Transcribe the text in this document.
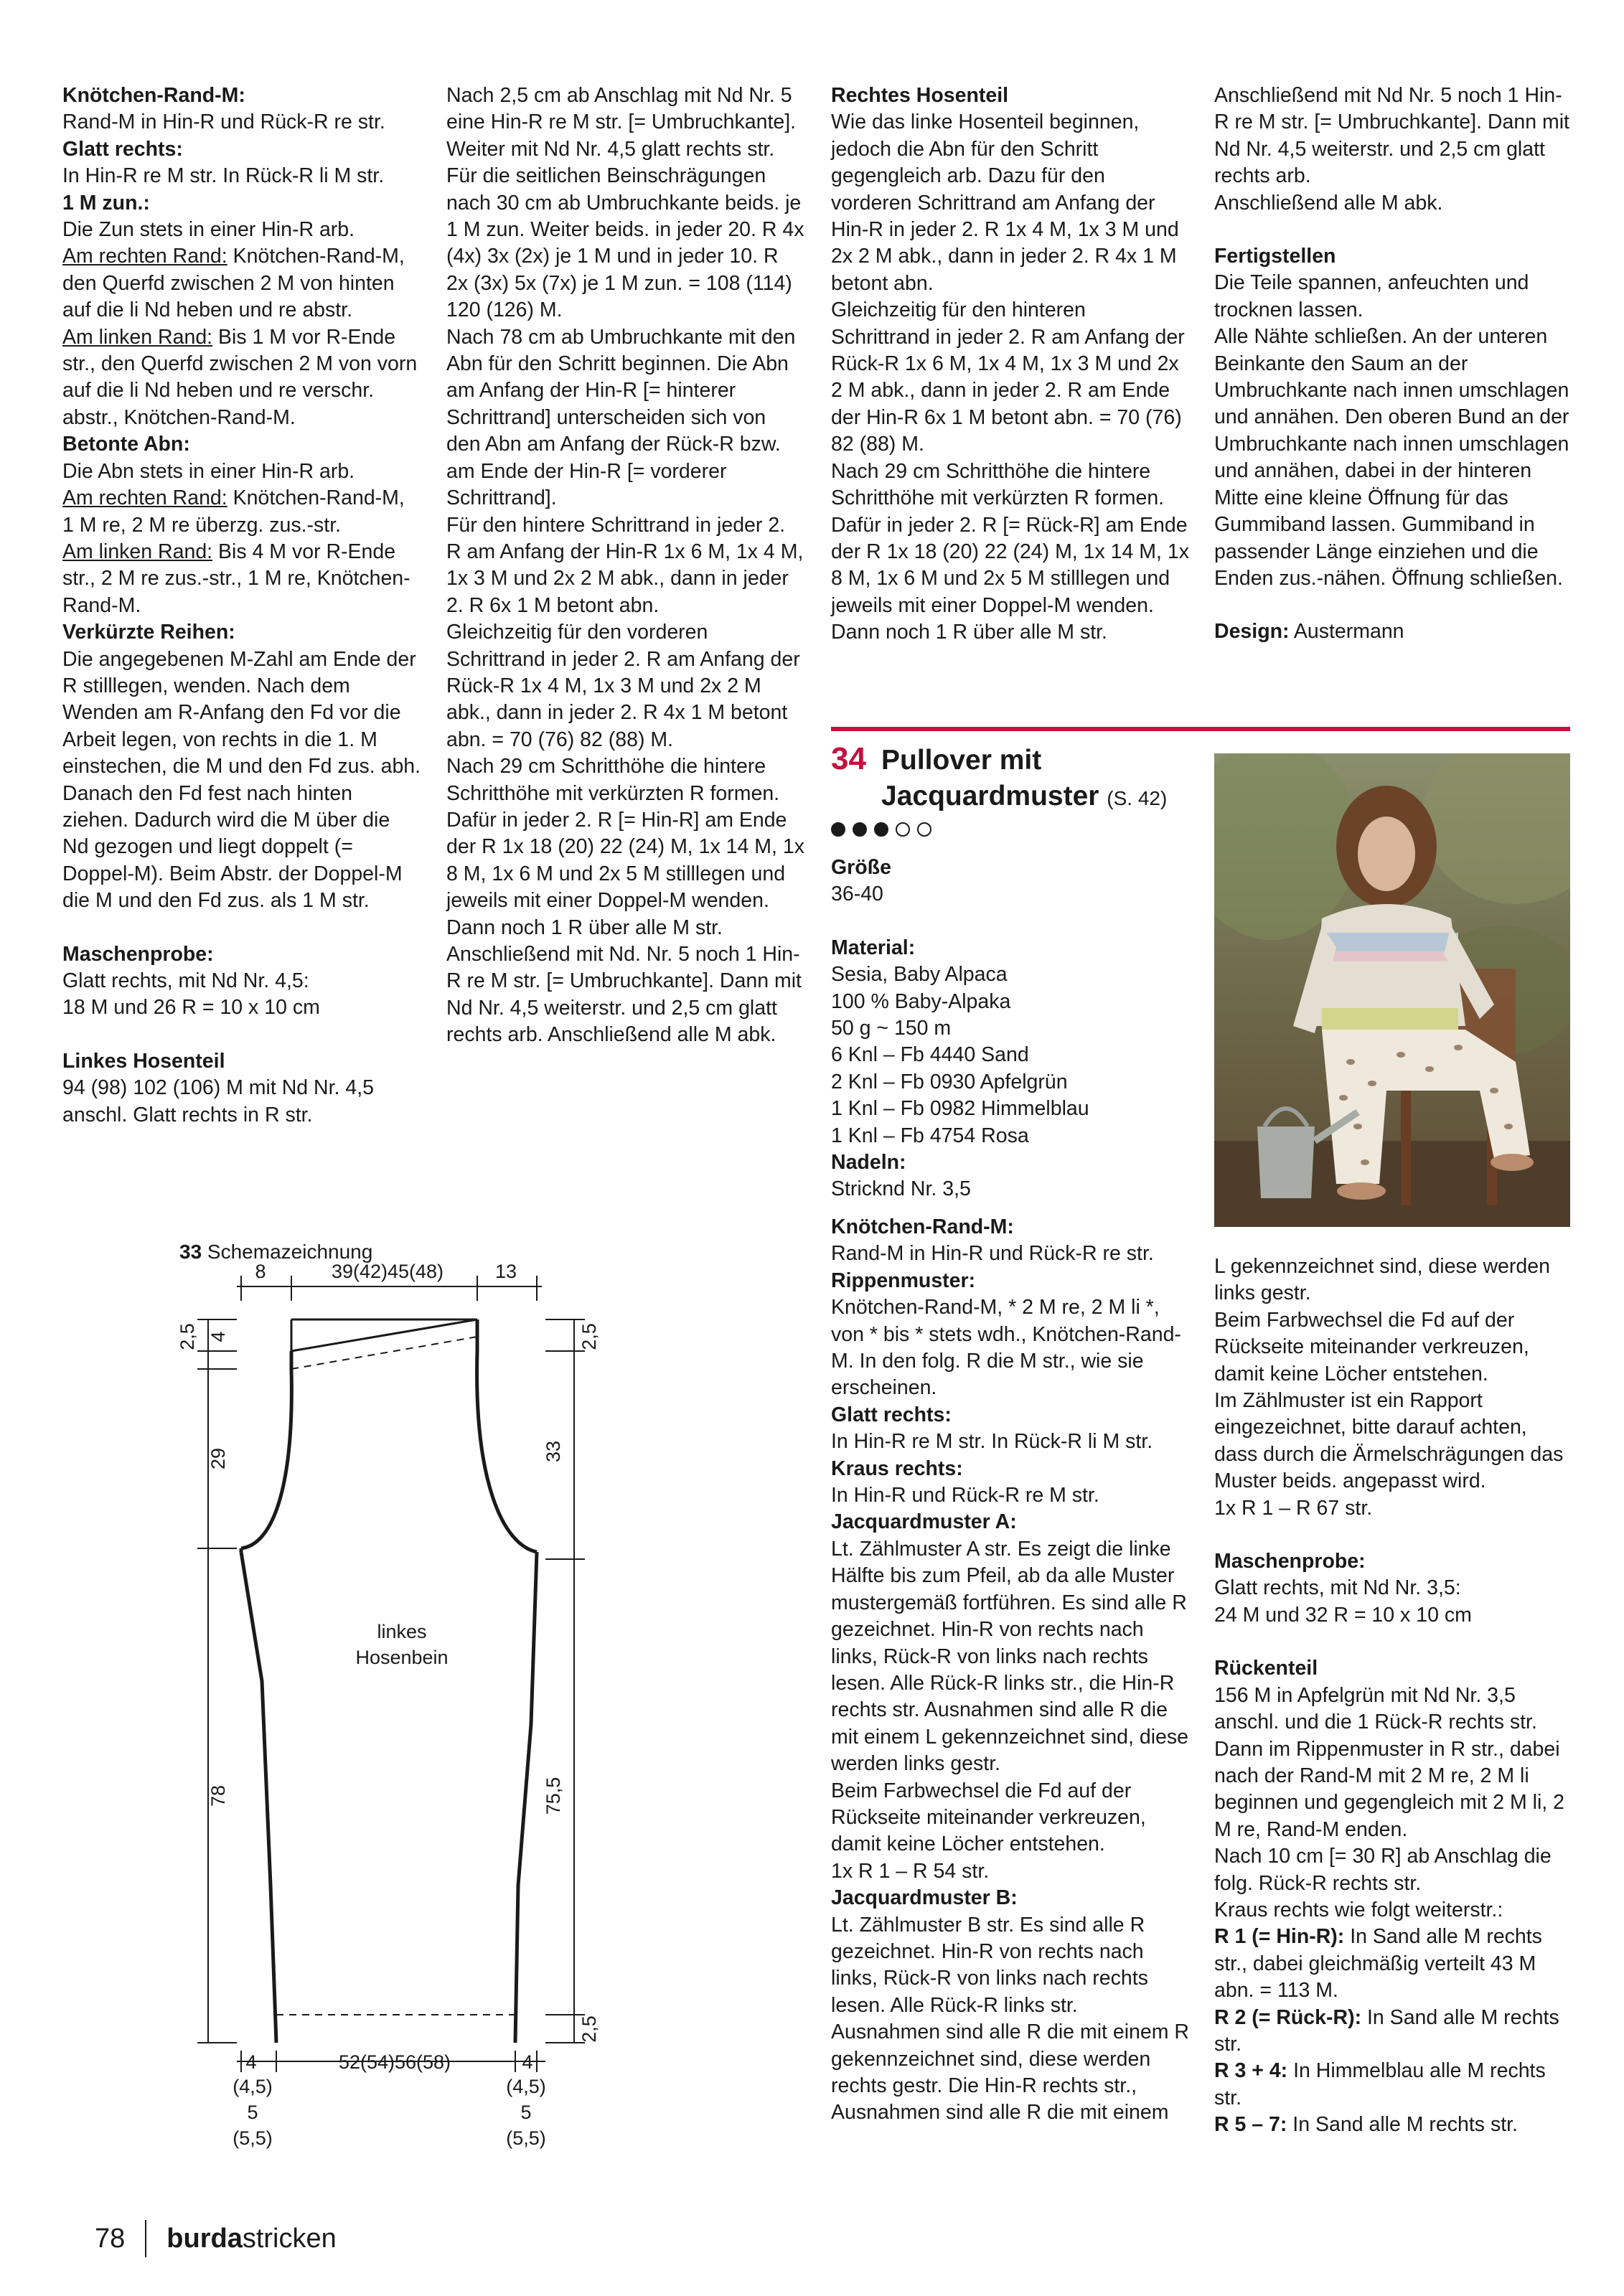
Knötchen-Rand-M:

Rand-M in Hin-R und Rück-R re str.

Glatt rechts:

In Hin-R re M str. In Rück-R li M str.

1 M zun.:

Die Zun stets in einer Hin-R arb.

Am rechten Rand: Knötchen-Rand-M, den Querfd zwischen 2 M von hinten auf die li Nd heben und re abstr.

Am linken Rand: Bis 1 M vor R-Ende str., den Querfd zwischen 2 M von vorn auf die li Nd heben und re verschr. abstr., Knötchen-Rand-M.

Betonte Abn:

Die Abn stets in einer Hin-R arb.

Am rechten Rand: Knötchen-Rand-M, 1 M re, 2 M re überzg. zus.-str.

Am linken Rand: Bis 4 M vor R-Ende str., 2 M re zus.-str., 1 M re, Knötchen-Rand-M.

Verkürzte Reihen:

Die angegebenen M-Zahl am Ende der R stilllegen, wenden. Nach dem Wenden am R-Anfang den Fd vor die Arbeit legen, von rechts in die 1. M einstechen, die M und den Fd zus. abh. Danach den Fd fest nach hinten ziehen. Dadurch wird die M über die Nd gezogen und liegt doppelt (= Doppel-M). Beim Abstr. der Doppel-M die M und den Fd zus. als 1 M str.

Maschenprobe:

Glatt rechts, mit Nd Nr. 4,5:
18 M und 26 R = 10 x 10 cm

Linkes Hosenteil

94 (98) 102 (106) M mit Nd Nr. 4,5 anschl. Glatt rechts in R str.

Nach 2,5 cm ab Anschlag mit Nd Nr. 5 eine Hin-R re M str. [= Umbruchkante].
Weiter mit Nd Nr. 4,5 glatt rechts str. Für die seitlichen Beinschrägungen nach 30 cm ab Umbruchkante beids. je 1 M zun. Weiter beids. in jeder 20. R 4x (4x) 3x (2x) je 1 M und in jeder 10. R 2x (3x) 5x (7x) je 1 M zun. = 108 (114) 120 (126) M.
Nach 78 cm ab Umbruchkante mit den Abn für den Schritt beginnen. Die Abn am Anfang der Hin-R [= hinterer Schrittrand] unterscheiden sich von den Abn am Anfang der Rück-R bzw. am Ende der Hin-R [= vorderer Schrittrand].
Für den hintere Schrittrand in jeder 2. R am Anfang der Hin-R 1x 6 M, 1x 4 M, 1x 3 M und 2x 2 M abk., dann in jeder 2. R 6x 1 M betont abn.
Gleichzeitig für den vorderen Schrittrand in jeder 2. R am Anfang der Rück-R 1x 4 M, 1x 3 M und 2x 2 M abk., dann in jeder 2. R 4x 1 M betont abn. = 70 (76) 82 (88) M.
Nach 29 cm Schritthöhe die hintere Schritthöhe mit verkürzten R formen.
Dafür in jeder 2. R [= Hin-R] am Ende der R 1x 18 (20) 22 (24) M, 1x 14 M, 1x 8 M, 1x 6 M und 2x 5 M stilllegen und jeweils mit einer Doppel-M wenden. Dann noch 1 R über alle M str.
Anschließend mit Nd. Nr. 5 noch 1 Hin-R re M str. [= Umbruchkante]. Dann mit Nd Nr. 4,5 weiterstr. und 2,5 cm glatt rechts arb. Anschließend alle M abk.

Rechtes Hosenteil

Wie das linke Hosenteil beginnen, jedoch die Abn für den Schritt gegengleich arb. Dazu für den vorderen Schrittrand am Anfang der Hin-R in jeder 2. R 1x 4 M, 1x 3 M und 2x 2 M abk., dann in jeder 2. R 4x 1 M betont abn.
Gleichzeitig für den hinteren Schrittrand in jeder 2. R am Anfang der Rück-R 1x 6 M, 1x 4 M, 1x 3 M und 2x 2 M abk., dann in jeder 2. R am Ende der Hin-R 6x 1 M betont abn. = 70 (76) 82 (88) M.
Nach 29 cm Schritthöhe die hintere Schritthöhe mit verkürzten R formen. Dafür in jeder 2. R [= Rück-R] am Ende der R 1x 18 (20) 22 (24) M, 1x 14 M, 1x 8 M, 1x 6 M und 2x 5 M stilllegen und jeweils mit einer Doppel-M wenden.
Dann noch 1 R über alle M str.

Anschließend mit Nd Nr. 5 noch 1 Hin-R re M str. [= Umbruchkante]. Dann mit Nd Nr. 4,5 weiterstr. und 2,5 cm glatt rechts arb.
Anschließend alle M abk.

Fertigstellen

Die Teile spannen, anfeuchten und trocknen lassen.
Alle Nähte schließen. An der unteren Beinkante den Saum an der Umbruchkante nach innen umschlagen und annähen. Den oberen Bund an der Umbruchkante nach innen umschlagen und annähen, dabei in der hinteren Mitte eine kleine Öffnung für das Gummiband lassen. Gummiband in passender Länge einziehen und die Enden zus.-nähen. Öffnung schließen.

Design: Austermann

34 Pullover mit
Jacquardmuster (S. 42)

Größe

36-40

Material:

Sesia, Baby Alpaca
100 % Baby-Alpaka
50 g ~ 150 m
6 Knl – Fb 4440 Sand
2 Knl – Fb 0930 Apfelgrün
1 Knl – Fb 0982 Himmelblau
1 Knl – Fb 4754 Rosa

Nadeln:

Stricknd Nr. 3,5

Knötchen-Rand-M:

Rand-M in Hin-R und Rück-R re str.

Rippenmuster:

Knötchen-Rand-M, * 2 M re, 2 M li *, von * bis * stets wdh., Knötchen-Rand-M. In den folg. R die M str., wie sie erscheinen.

Glatt rechts:

In Hin-R re M str. In Rück-R li M str.

Kraus rechts:

In Hin-R und Rück-R re M str.

Jacquardmuster A:

Lt. Zählmuster A str. Es zeigt die linke Hälfte bis zum Pfeil, ab da alle Muster mustergemäß fortführen. Es sind alle R gezeichnet. Hin-R von rechts nach links, Rück-R von links nach rechts lesen. Alle Rück-R links str., die Hin-R rechts str. Ausnahmen sind alle R die mit einem L gekennzeichnet sind, diese werden links gestr.
Beim Farbwechsel die Fd auf der Rückseite miteinander verkreuzen, damit keine Löcher entstehen.
1x R 1 – R 54 str.

Jacquardmuster B:

Lt. Zählmuster B str. Es sind alle R gezeichnet. Hin-R von rechts nach links, Rück-R von links nach rechts lesen. Alle Rück-R links str. Ausnahmen sind alle R die mit einem R gekennzeichnet sind, diese werden rechts gestr. Die Hin-R rechts str., Ausnahmen sind alle R die mit einem

L gekennzeichnet sind, diese werden links gestr.
Beim Farbwechsel die Fd auf der Rückseite miteinander verkreuzen, damit keine Löcher entstehen.
Im Zählmuster ist ein Rapport eingezeichnet, bitte darauf achten, dass durch die Ärmelschrägungen das Muster beids. angepasst wird.
1x R 1 – R 67 str.

Maschenprobe:

Glatt rechts, mit Nd Nr. 3,5:
24 M und 32 R = 10 x 10 cm

Rückenteil

156 M in Apfelgrün mit Nd Nr. 3,5 anschl. und die 1 Rück-R rechts str. Dann im Rippenmuster in R str., dabei nach der Rand-M mit 2 M re, 2 M li beginnen und gegengleich mit 2 M li, 2 M re, Rand-M enden.
Nach 10 cm [= 30 R] ab Anschlag die folg. Rück-R rechts str.
Kraus rechts wie folgt weiterstr.:

R 1 (= Hin-R): In Sand alle M rechts str., dabei gleichmäßig verteilt 43 M abn. = 113 M.

R 2 (= Rück-R): In Sand alle M rechts str.

R 3 + 4: In Himmelblau alle M rechts str.

R 5 – 7: In Sand alle M rechts str.

33 Schemazeichnung
8	39(42)45(48)	13
2,5 4
29
78
2,5
33
75,5
2,5
linkes
Hosenbein
4
(4,5)
5
(5,5)
52(54)56(58)	4
(4,5)
5
(5,5)
78 burdastricken
